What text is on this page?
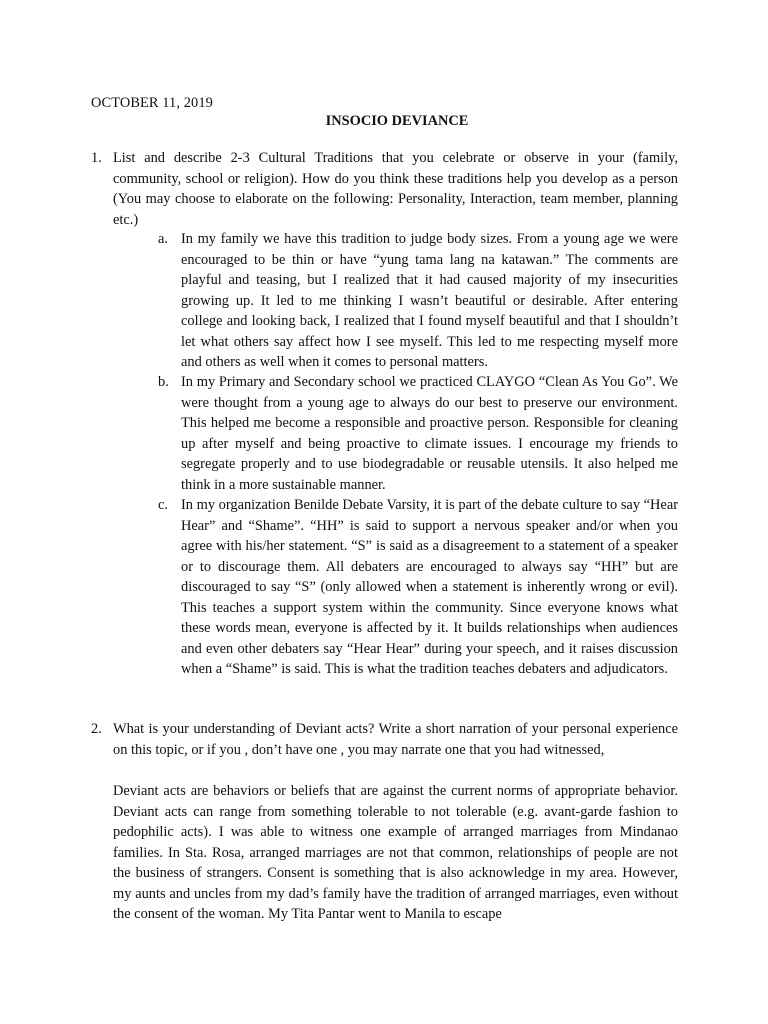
OCTOBER 11, 2019
INSOCIO DEVIANCE
1. List and describe 2-3 Cultural Traditions that you celebrate or observe in your (family, community, school or religion). How do you think these traditions help you develop as a person (You may choose to elaborate on the following: Personality, Interaction, team member, planning etc.)
a. In my family we have this tradition to judge body sizes. From a young age we were encouraged to be thin or have “yung tama lang na katawan.” The comments are playful and teasing, but I realized that it had caused majority of my insecurities growing up. It led to me thinking I wasn’t beautiful or desirable. After entering college and looking back, I realized that I found myself beautiful and that I shouldn’t let what others say affect how I see myself. This led to me respecting myself more and others as well when it comes to personal matters.
b. In my Primary and Secondary school we practiced CLAYGO “Clean As You Go”. We were thought from a young age to always do our best to preserve our environment. This helped me become a responsible and proactive person. Responsible for cleaning up after myself and being proactive to climate issues. I encourage my friends to segregate properly and to use biodegradable or reusable utensils. It also helped me think in a more sustainable manner.
c. In my organization Benilde Debate Varsity, it is part of the debate culture to say “Hear Hear” and “Shame”. “HH” is said to support a nervous speaker and/or when you agree with his/her statement. “S” is said as a disagreement to a statement of a speaker or to discourage them. All debaters are encouraged to always say “HH” but are discouraged to say “S” (only allowed when a statement is inherently wrong or evil). This teaches a support system within the community. Since everyone knows what these words mean, everyone is affected by it. It builds relationships when audiences and even other debaters say “Hear Hear” during your speech, and it raises discussion when a “Shame” is said. This is what the tradition teaches debaters and adjudicators.
2. What is your understanding of Deviant acts? Write a short narration of your personal experience on this topic, or if you , don’t have one , you may narrate one that you had witnessed,
Deviant acts are behaviors or beliefs that are against the current norms of appropriate behavior. Deviant acts can range from something tolerable to not tolerable (e.g. avant-garde fashion to pedophilic acts). I was able to witness one example of arranged marriages from Mindanao families. In Sta. Rosa, arranged marriages are not that common, relationships of people are not the business of strangers. Consent is something that is also acknowledge in my area. However, my aunts and uncles from my dad’s family have the tradition of arranged marriages, even without the consent of the woman. My Tita Pantar went to Manila to escape
